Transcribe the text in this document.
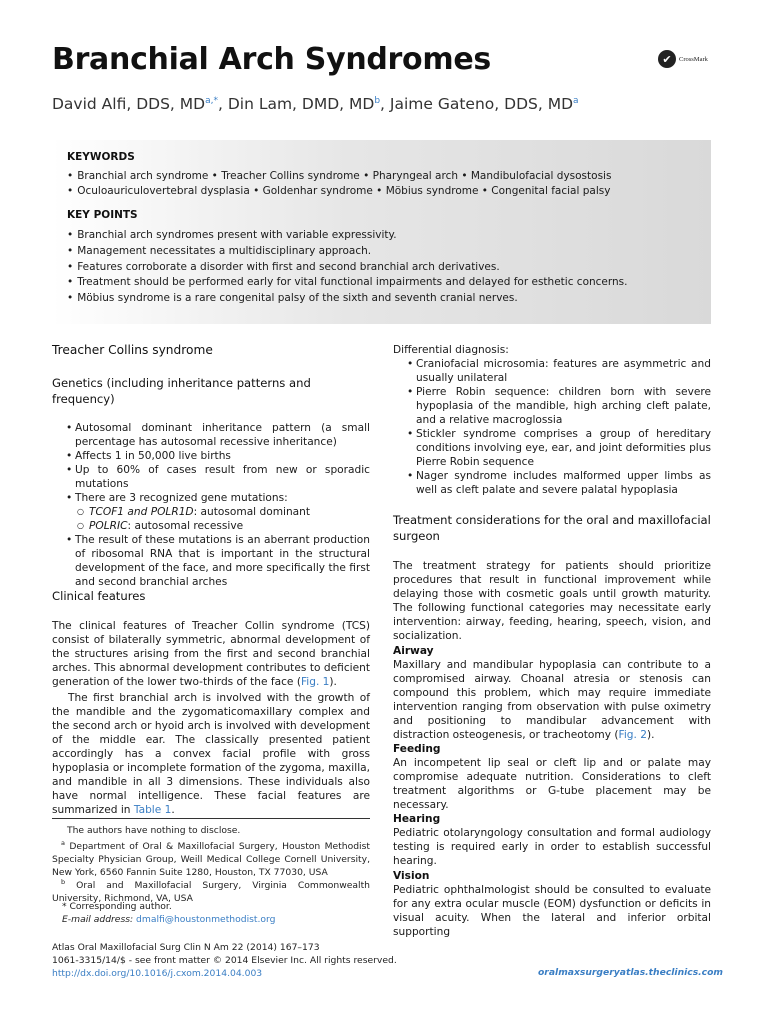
Branchial Arch Syndromes	✔	CrossMark
David Alfi, DDS, $MD^{a,*}$, Din Lam, DMD, $MD^b$, Jaime Gateno, DDS, $MD^a$
KEYWORDS
• Branchial arch syndrome • Treacher Collins syndrome • Pharyngeal arch • Mandibulofacial dysostosis
• Oculoauriculovertebral dysplasia • Goldenhar syndrome • Möbius syndrome • Congenital facial palsy
KEY POINTS
• Branchial arch syndromes present with variable expressivity.
• Management necessitates a multidisciplinary approach.
• Features corroborate a disorder with first and second branchial arch derivatives.
• Treatment should be performed early for vital functional impairments and delayed for esthetic concerns.
• Möbius syndrome is a rare congenital palsy of the sixth and seventh cranial nerves.
Treacher Collins syndrome
Genetics (including inheritance patterns and frequency)
• Autosomal dominant inheritance pattern (a small percentage has autosomal recessive inheritance)
• Affects 1 in 50,000 live births
• Up to 60% of cases result from new or sporadic mutations
• There are 3 recognized gene mutations:
○ TCOF1 and POLR1D: autosomal dominant
○ POLRIC: autosomal recessive
• The result of these mutations is an aberrant production of ribosomal RNA that is important in the structural development of the face, and more specifically the first and second branchial arches
Clinical features
The clinical features of Treacher Collin syndrome (TCS) consist of bilaterally symmetric, abnormal development of the structures arising from the first and second branchial arches. This abnormal development contributes to deficient generation of the lower two-thirds of the face (Fig. 1).
The first branchial arch is involved with the growth of the mandible and the zygomaticomaxillary complex and the second arch or hyoid arch is involved with development of the middle ear. The classically presented patient accordingly has a convex facial profile with gross hypoplasia or incomplete formation of the zygoma, maxilla, and mandible in all 3 dimensions. These individuals also have normal intelligence. These facial features are summarized in Table 1.
The authors have nothing to disclose.
$^a$ Department of Oral & Maxillofacial Surgery, Houston Methodist Specialty Physician Group, Weill Medical College Cornell University, New York, 6560 Fannin Suite 1280, Houston, TX 77030, USA
$^b$ Oral and Maxillofacial Surgery, Virginia Commonwealth University, Richmond, VA, USA
* Corresponding author.
E-mail address: dmalfi@houstonmethodist.org
Differential diagnosis:
• Craniofacial microsomia: features are asymmetric and usually unilateral
• Pierre Robin sequence: children born with severe hypoplasia of the mandible, high arching cleft palate, and a relative macroglossia
• Stickler syndrome comprises a group of hereditary conditions involving eye, ear, and joint deformities plus Pierre Robin sequence
• Nager syndrome includes malformed upper limbs as well as cleft palate and severe palatal hypoplasia
Treatment considerations for the oral and maxillofacial surgeon
The treatment strategy for patients should prioritize procedures that result in functional improvement while delaying those with cosmetic goals until growth maturity. The following functional categories may necessitate early intervention: airway, feeding, hearing, speech, vision, and socialization.
Airway
Maxillary and mandibular hypoplasia can contribute to a compromised airway. Choanal atresia or stenosis can compound this problem, which may require immediate intervention ranging from observation with pulse oximetry and positioning to mandibular advancement with distraction osteogenesis, or tracheotomy (Fig. 2).
Feeding
An incompetent lip seal or cleft lip and or palate may compromise adequate nutrition. Considerations to cleft treatment algorithms or G-tube placement may be necessary.
Hearing
Pediatric otolaryngology consultation and formal audiology testing is required early in order to establish successful hearing.
Vision
Pediatric ophthalmologist should be consulted to evaluate for any extra ocular muscle (EOM) dysfunction or deficits in visual acuity. When the lateral and inferior orbital supporting
Atlas Oral Maxillofacial Surg Clin N Am 22 (2014) 167–173
1061-3315/14/$ - see front matter © 2014 Elsevier Inc. All rights reserved.
http://dx.doi.org/10.1016/j.cxom.2014.04.003	oralmaxsurgeryatlas.theclinics.com
